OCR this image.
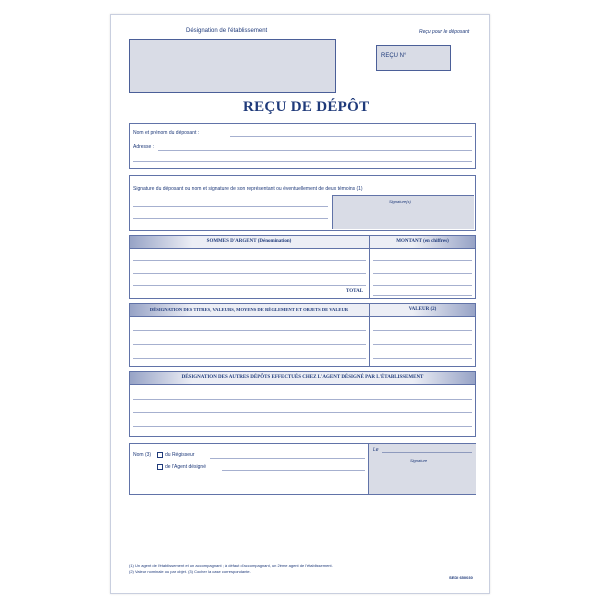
Désignation de l'établissement	Reçu pour le déposant
REÇU N°
REÇU DE DÉPÔT
Nom et prénom du déposant :
Adresse :
Signature du déposant ou nom et signature de son représentant ou éventuellement de deux témoins (1)
Signature(s)
SOMMES D'ARGENT (Dénomination)	MONTANT (en chiffres)
TOTAL
DÉSIGNATION DES TITRES, VALEURS, MOYENS DE RÈGLEMENT ET OBJETS DE VALEUR	VALEUR (2)
DÉSIGNATION DES AUTRES DÉPÔTS EFFECTUÉS CHEZ L'AGENT DÉSIGNÉ PAR L'ÉTABLISSEMENT
Nom (3)	du Régisseur
de l'Agent désigné
Le
Signature
(1) Un agent de l'établissement et un accompagnant ; à défaut d'accompagnant, un 2ème agent de l'établissement.
(2) Valeur nominale ou par objet. (3) Cocher la case correspondante.
SEDI 650030
